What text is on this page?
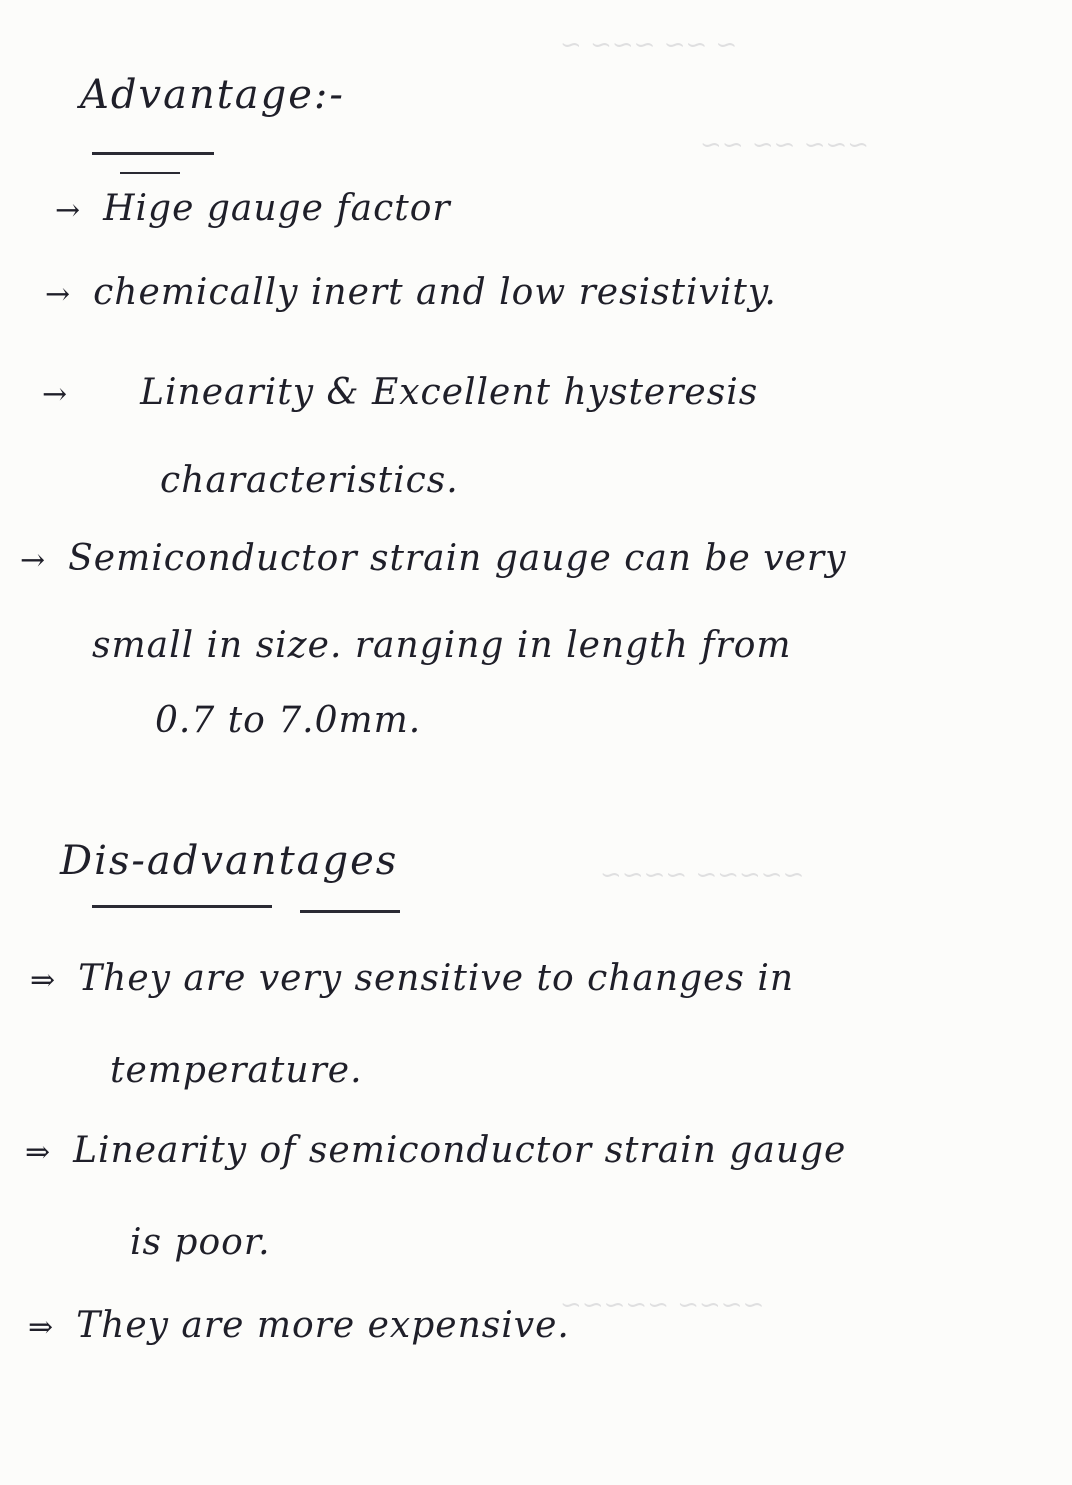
~ ~~ ~~~ ~
~~~ ~~ ~~
~~~~~ ~~~~
~~~~ ~~~~~
Advantage:-
→ Hige gauge factor
→ chemically inert and low resistivity.
→ Linearity & Excellent hysteresis
characteristics.
→ Semiconductor strain gauge can be very
small in size. ranging in length from
0.7 to 7.0mm.
Dis-advantages
⇒ They are very sensitive to changes in
temperature.
⇒ Linearity of semiconductor strain gauge
is poor.
⇒ They are more expensive.
